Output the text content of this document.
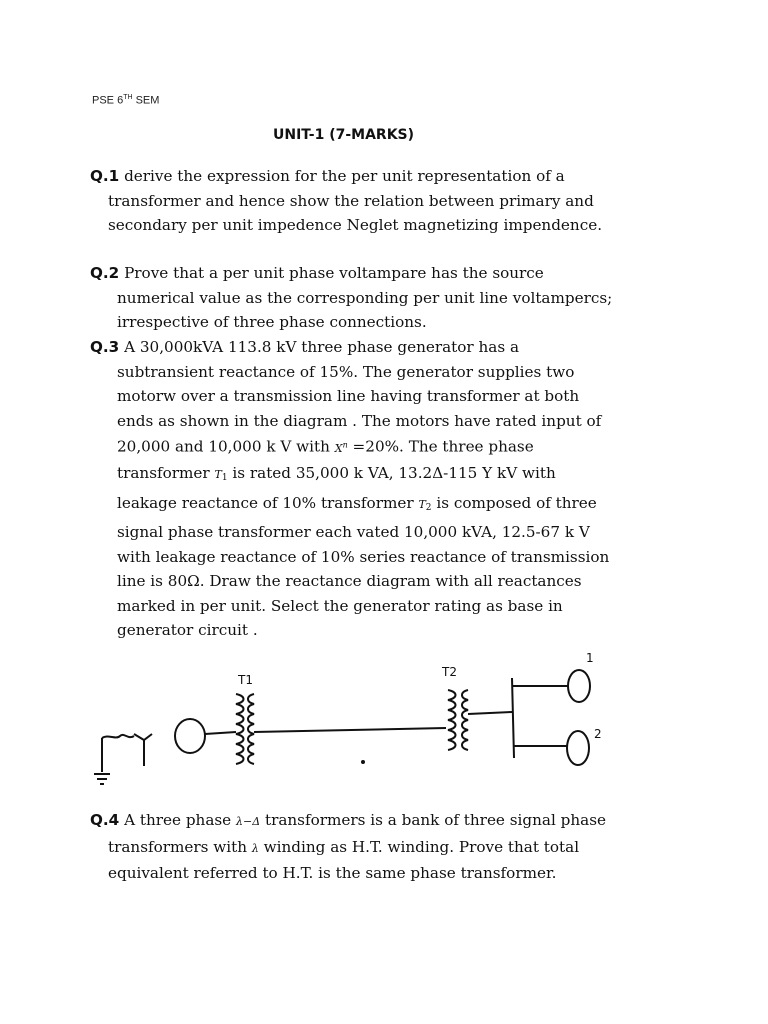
PSE 6TH SEM
UNIT-1 (7-MARKS)
Q.1 derive the expression for the per unit representation of a
transformer and hence show the relation between primary and
secondary per unit impedence Neglet magnetizing impendence.
Q.2 Prove that a per unit phase voltampare has the source
numerical value as the corresponding per unit line voltampercs;
irrespective of three phase connections.
Q.3 A 30,000kVA 113.8 kV three phase generator has a
subtransient reactance of 15%. The generator supplies two
motorw over a transmission line having transformer at both
ends as shown in the diagram . The motors have rated input of
20,000 and 10,000 k V with $X^n =20\%$. The three phase
transformer $T_1$ is rated 35,000 k VA, 13.2Δ-115 Y kV with
leakage reactance of 10% transformer $T_2$ is composed of three
signal phase transformer each vated 10,000 kVA, 12.5-67 k V
with leakage reactance of 10% series reactance of transmission
line is 80Ω. Draw the reactance diagram with all reactances
marked in per unit. Select the generator rating as base in
generator circuit .
T1
T2
1
2
Q.4 A three phase λ−Δ transformers is a bank of three signal phase
transformers with λ winding as H.T. winding. Prove that total
equivalent referred to H.T. is the same phase transformer.
